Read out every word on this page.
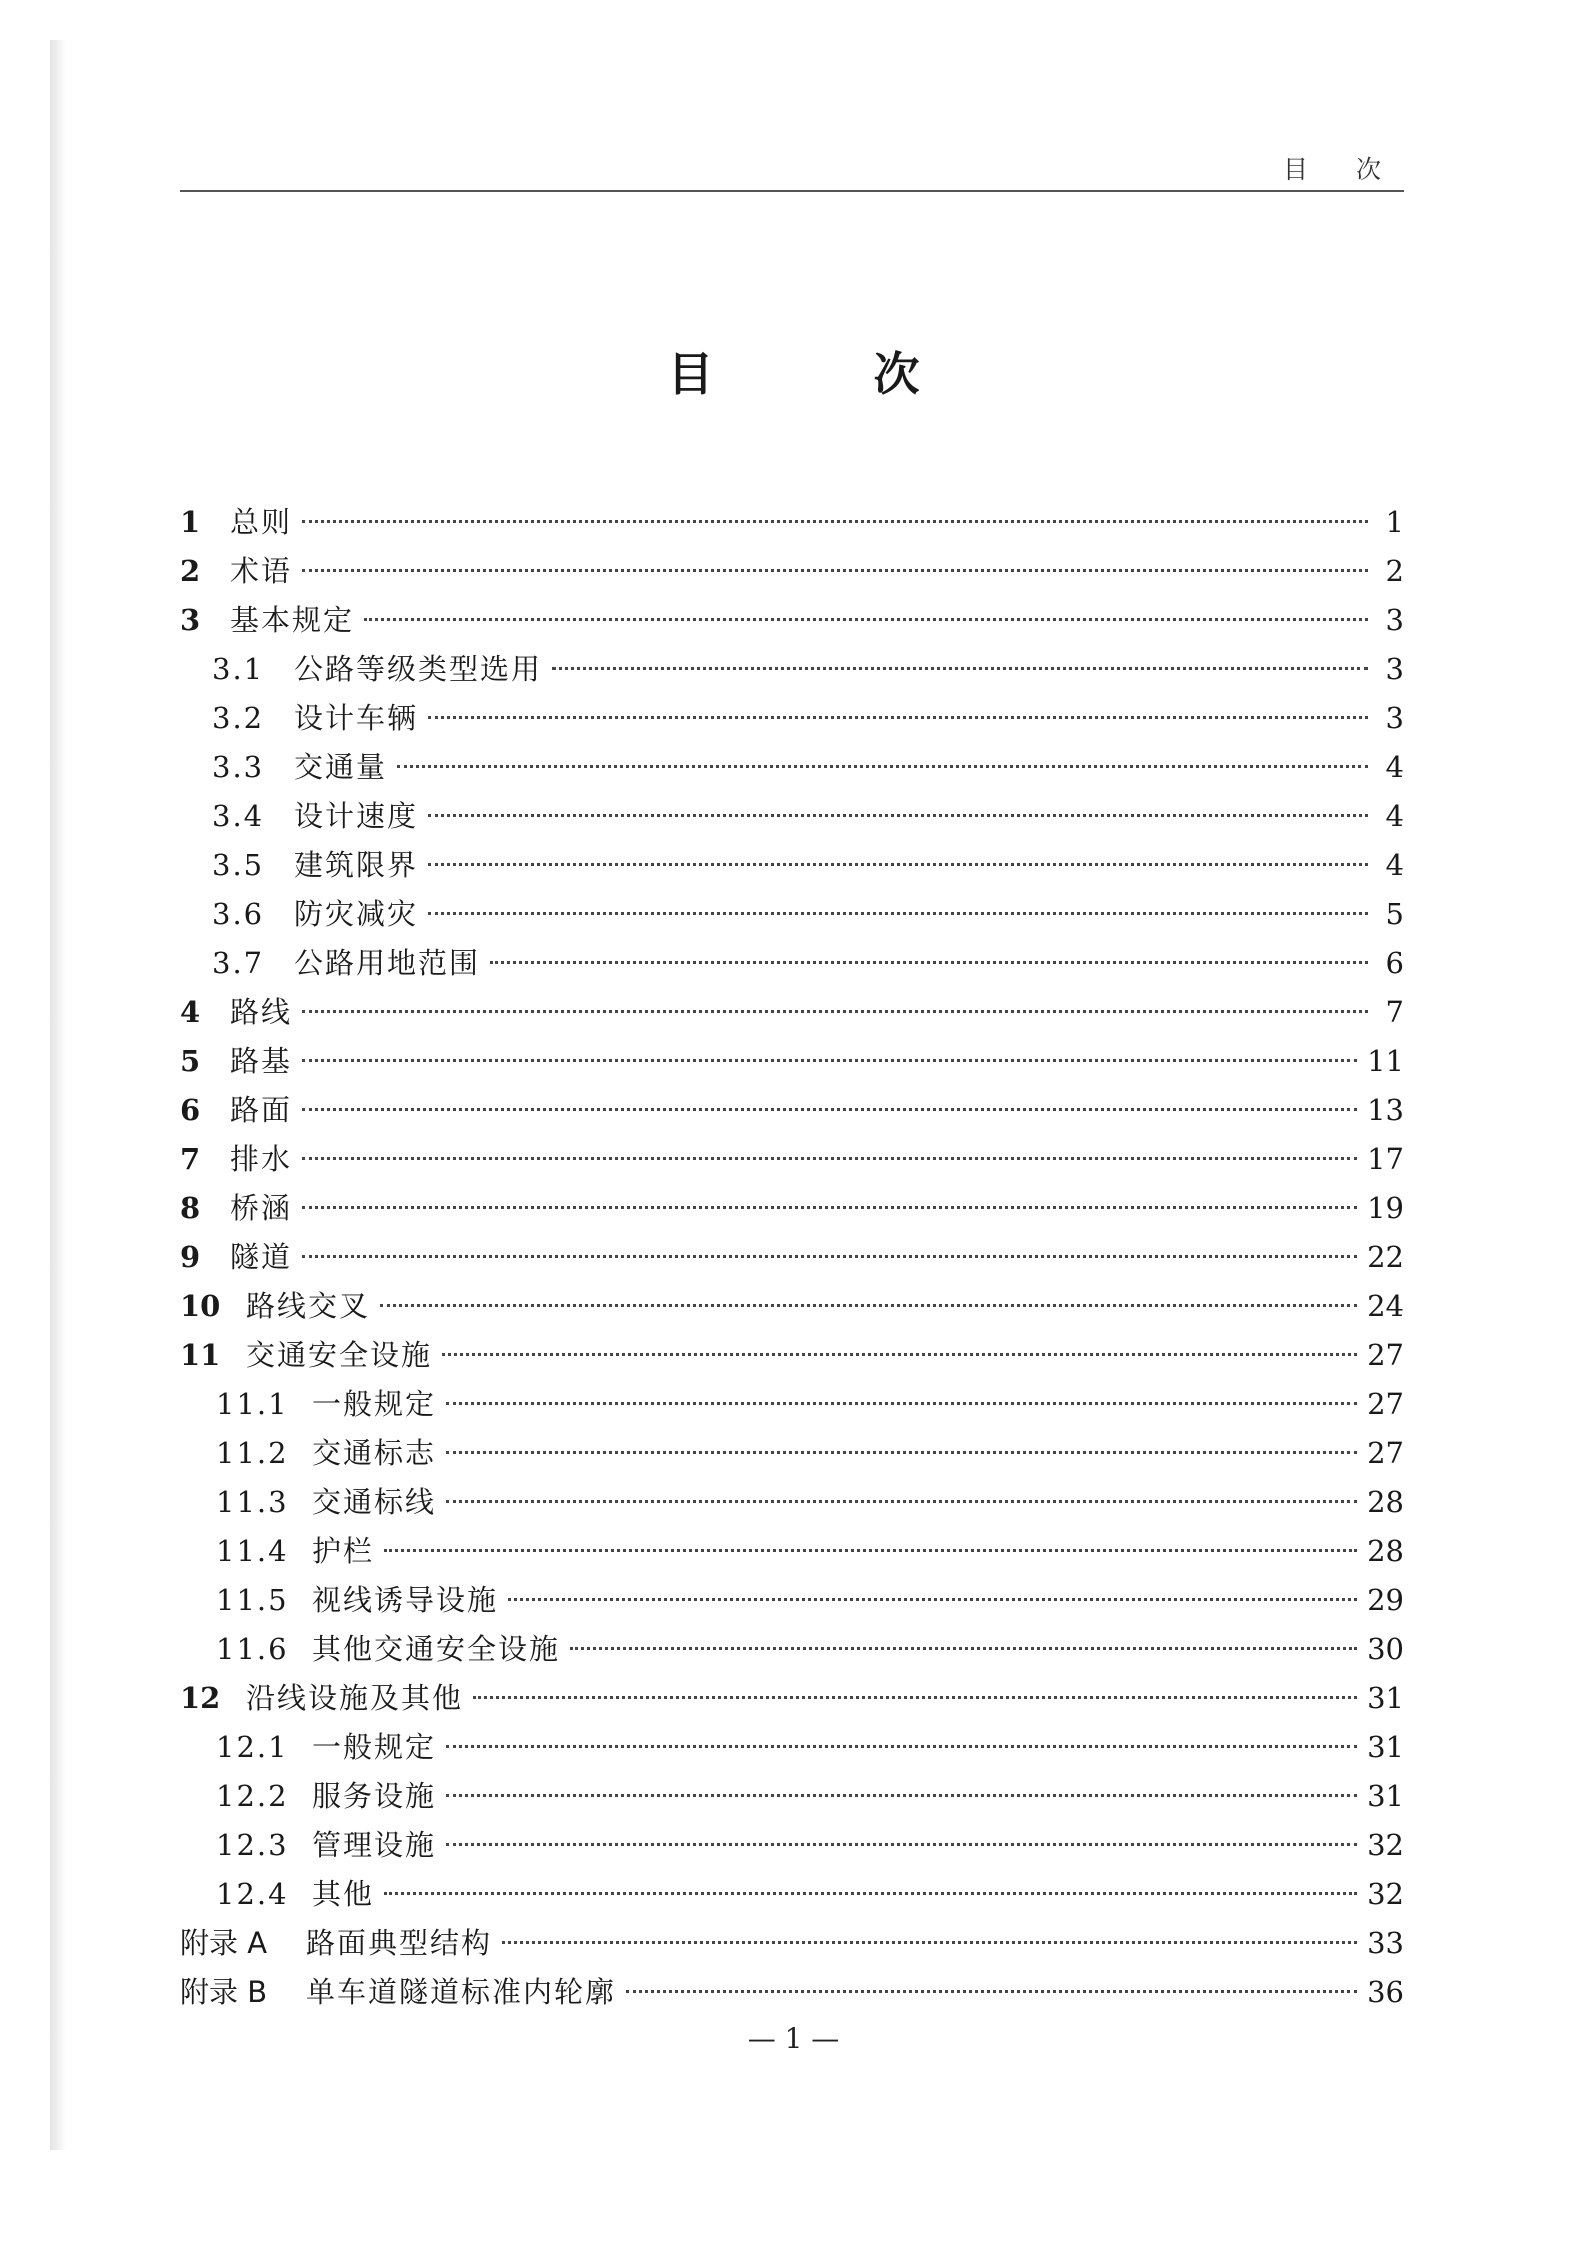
目 次
目 次
1	总则	1
2	术语	2
3	基本规定	3
3.1	公路等级类型选用	3
3.2	设计车辆	3
3.3	交通量	4
3.4	设计速度	4
3.5	建筑限界	4
3.6	防灾减灾	5
3.7	公路用地范围	6
4	路线	7
5	路基	11
6	路面	13
7	排水	17
8	桥涵	19
9	隧道	22
10 路线交叉	24
11 交通安全设施	27
11.1 一般规定	27
11.2 交通标志	27
11.3 交通标线	28
11.4 护栏	28
11.5 视线诱导设施	29
11.6 其他交通安全设施	30
12 沿线设施及其他	31
12.1 一般规定	31
12.2 服务设施	31
12.3 管理设施	32
12.4 其他	32
附录 A	路面典型结构	33
附录 B	单车道隧道标准内轮廓	36
— 1 —
